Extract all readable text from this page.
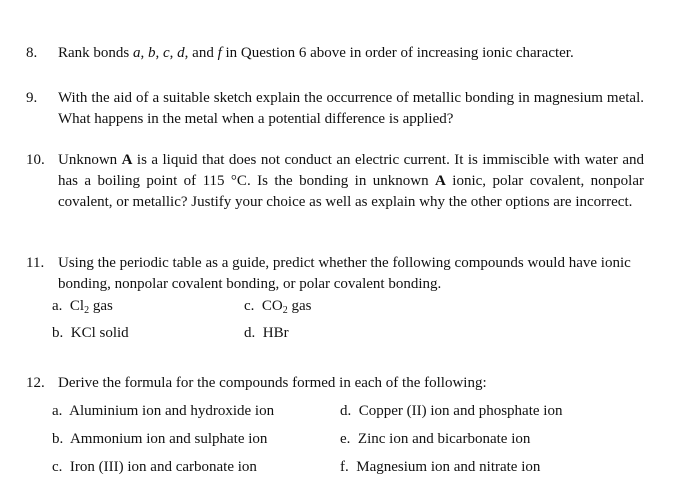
8. Rank bonds a, b, c, d, and f in Question 6 above in order of increasing ionic character.
9. With the aid of a suitable sketch explain the occurrence of metallic bonding in magnesium metal. What happens in the metal when a potential difference is applied?
10. Unknown A is a liquid that does not conduct an electric current. It is immiscible with water and has a boiling point of 115 °C. Is the bonding in unknown A ionic, polar covalent, nonpolar covalent, or metallic? Justify your choice as well as explain why the other options are incorrect.
11. Using the periodic table as a guide, predict whether the following compounds would have ionic bonding, nonpolar covalent bonding, or polar covalent bonding.
a. $Cl_2$ gas	c. $CO_2$ gas
b. KCl solid	d. HBr
12. Derive the formula for the compounds formed in each of the following:
a. Aluminium ion and hydroxide ion	d. Copper (II) ion and phosphate ion
b. Ammonium ion and sulphate ion	e. Zinc ion and bicarbonate ion
c. Iron (III) ion and carbonate ion	f. Magnesium ion and nitrate ion
